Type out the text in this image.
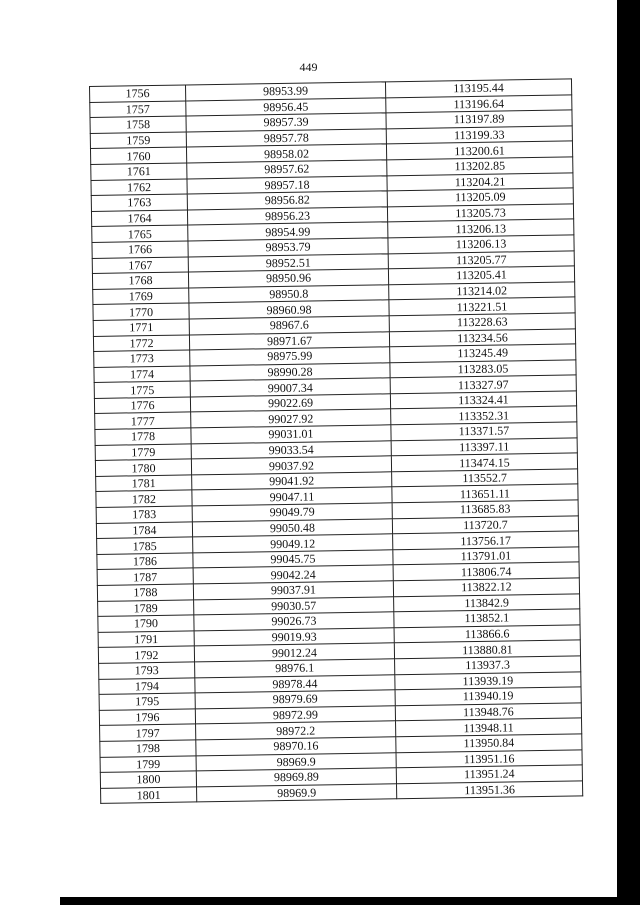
449
1756	98953.99	113195.44
1757	98956.45	113196.64
1758	98957.39	113197.89
1759	98957.78	113199.33
1760	98958.02	113200.61
1761	98957.62	113202.85
1762	98957.18	113204.21
1763	98956.82	113205.09
1764	98956.23	113205.73
1765	98954.99	113206.13
1766	98953.79	113206.13
1767	98952.51	113205.77
1768	98950.96	113205.41
1769	98950.8	113214.02
1770	98960.98	113221.51
1771	98967.6	113228.63
1772	98971.67	113234.56
1773	98975.99	113245.49
1774	98990.28	113283.05
1775	99007.34	113327.97
1776	99022.69	113324.41
1777	99027.92	113352.31
1778	99031.01	113371.57
1779	99033.54	113397.11
1780	99037.92	113474.15
1781	99041.92	113552.7
1782	99047.11	113651.11
1783	99049.79	113685.83
1784	99050.48	113720.7
1785	99049.12	113756.17
1786	99045.75	113791.01
1787	99042.24	113806.74
1788	99037.91	113822.12
1789	99030.57	113842.9
1790	99026.73	113852.1
1791	99019.93	113866.6
1792	99012.24	113880.81
1793	98976.1	113937.3
1794	98978.44	113939.19
1795	98979.69	113940.19
1796	98972.99	113948.76
1797	98972.2	113948.11
1798	98970.16	113950.84
1799	98969.9	113951.16
1800	98969.89	113951.24
1801	98969.9	113951.36
